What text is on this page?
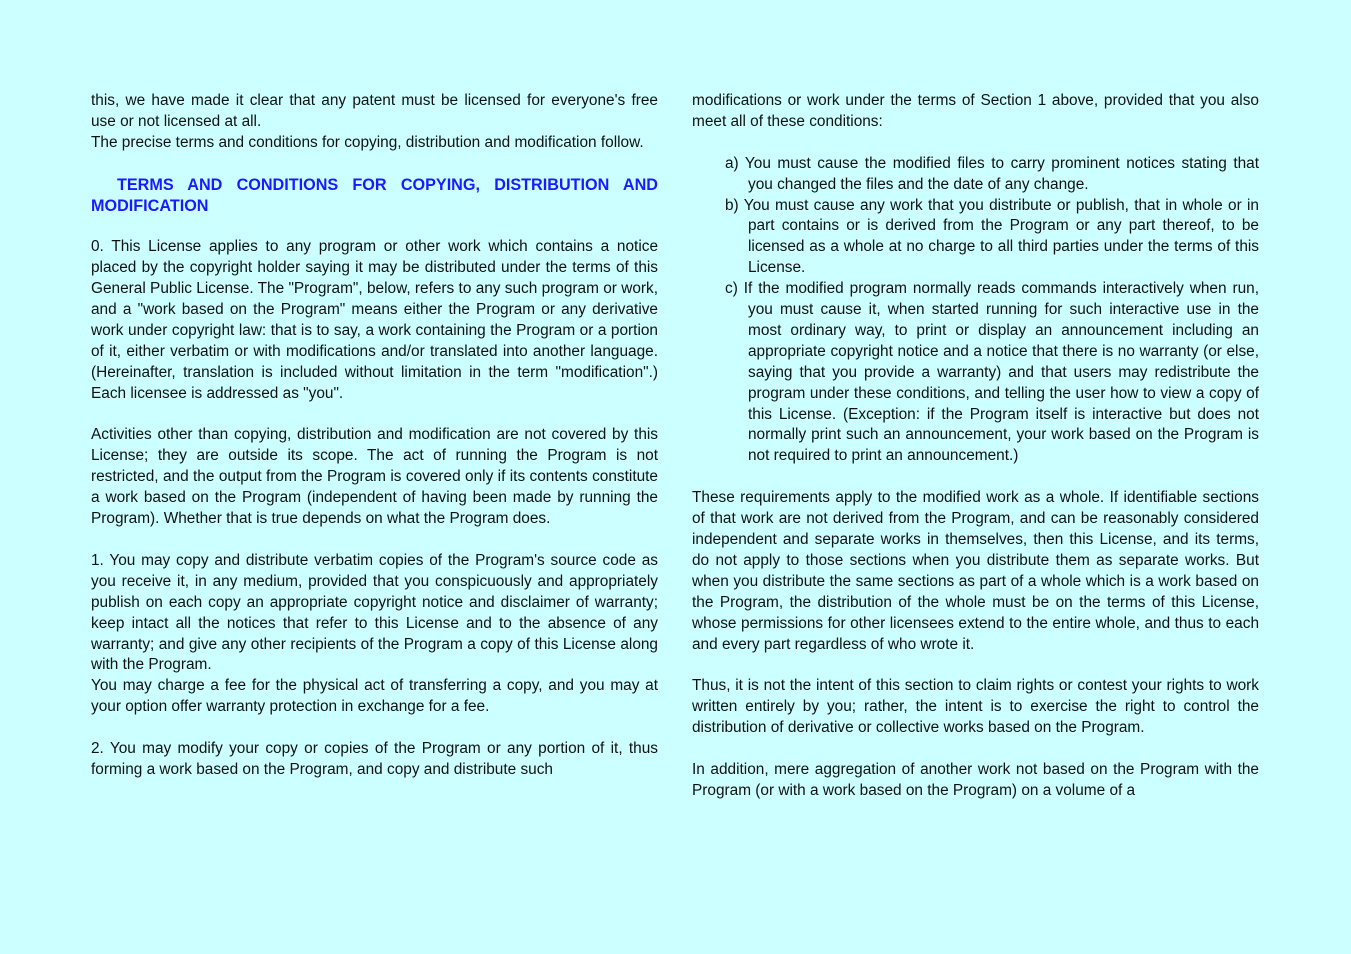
this, we have made it clear that any patent must be licensed for everyone's free use or not licensed at all.

The precise terms and conditions for copying, distribution and modification follow.

TERMS AND CONDITIONS FOR COPYING, DISTRIBUTION AND MODIFICATION

0. This License applies to any program or other work which contains a notice placed by the copyright holder saying it may be distributed under the terms of this General Public License. The "Program", below, refers to any such program or work, and a "work based on the Program" means either the Program or any derivative work under copyright law: that is to say, a work containing the Program or a portion of it, either verbatim or with modifications and/or translated into another language. (Hereinafter, translation is included without limitation in the term "modification".) Each licensee is addressed as "you".

Activities other than copying, distribution and modification are not covered by this License; they are outside its scope. The act of running the Program is not restricted, and the output from the Program is covered only if its contents constitute a work based on the Program (independent of having been made by running the Program). Whether that is true depends on what the Program does.

1. You may copy and distribute verbatim copies of the Program's source code as you receive it, in any medium, provided that you conspicuously and appropriately publish on each copy an appropriate copyright notice and disclaimer of warranty; keep intact all the notices that refer to this License and to the absence of any warranty; and give any other recipients of the Program a copy of this License along with the Program.

You may charge a fee for the physical act of transferring a copy, and you may at your option offer warranty protection in exchange for a fee.

2. You may modify your copy or copies of the Program or any portion of it, thus forming a work based on the Program, and copy and distribute such

modifications or work under the terms of Section 1 above, provided that you also meet all of these conditions:

a) You must cause the modified files to carry prominent notices stating that you changed the files and the date of any change.
b) You must cause any work that you distribute or publish, that in whole or in part contains or is derived from the Program or any part thereof, to be licensed as a whole at no charge to all third parties under the terms of this License.
c) If the modified program normally reads commands interactively when run, you must cause it, when started running for such interactive use in the most ordinary way, to print or display an announcement including an appropriate copyright notice and a notice that there is no warranty (or else, saying that you provide a warranty) and that users may redistribute the program under these conditions, and telling the user how to view a copy of this License. (Exception: if the Program itself is interactive but does not normally print such an announcement, your work based on the Program is not required to print an announcement.)

These requirements apply to the modified work as a whole. If identifiable sections of that work are not derived from the Program, and can be reasonably considered independent and separate works in themselves, then this License, and its terms, do not apply to those sections when you distribute them as separate works. But when you distribute the same sections as part of a whole which is a work based on the Program, the distribution of the whole must be on the terms of this License, whose permissions for other licensees extend to the entire whole, and thus to each and every part regardless of who wrote it.

Thus, it is not the intent of this section to claim rights or contest your rights to work written entirely by you; rather, the intent is to exercise the right to control the distribution of derivative or collective works based on the Program.

In addition, mere aggregation of another work not based on the Program with the Program (or with a work based on the Program) on a volume of a
